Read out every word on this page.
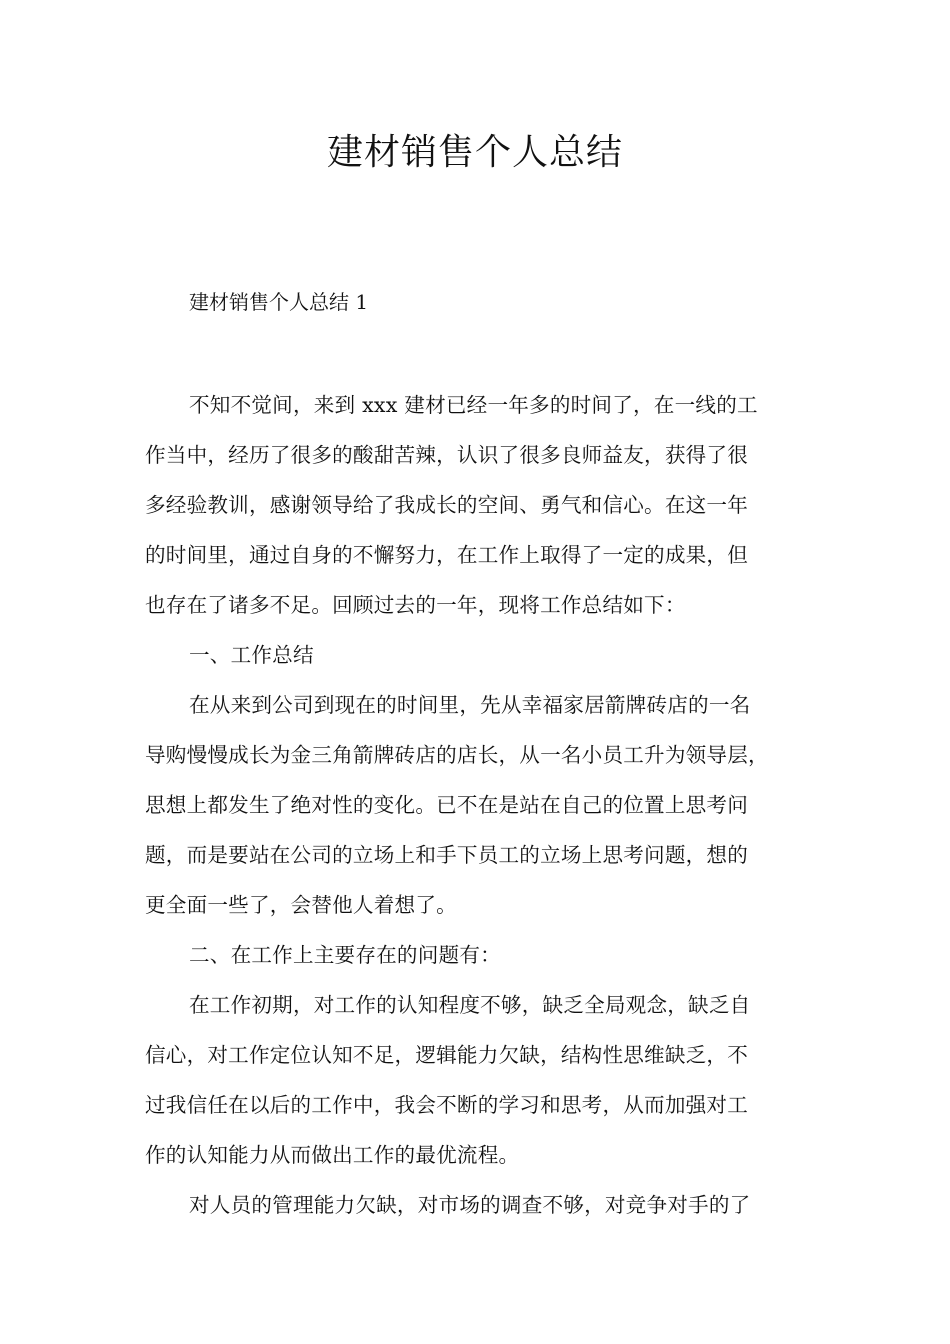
建材销售个人总结
建材销售个人总结 1
不知不觉间，来到 xxx 建材已经一年多的时间了，在一线的工
作当中，经历了很多的酸甜苦辣，认识了很多良师益友，获得了很
多经验教训，感谢领导给了我成长的空间、勇气和信心。在这一年
的时间里，通过自身的不懈努力，在工作上取得了一定的成果，但
也存在了诸多不足。回顾过去的一年，现将工作总结如下：
一、工作总结
在从来到公司到现在的时间里，先从幸福家居箭牌砖店的一名
导购慢慢成长为金三角箭牌砖店的店长，从一名小员工升为领导层，
思想上都发生了绝对性的变化。已不在是站在自己的位置上思考问
题，而是要站在公司的立场上和手下员工的立场上思考问题，想的
更全面一些了，会替他人着想了。
二、在工作上主要存在的问题有：
在工作初期，对工作的认知程度不够，缺乏全局观念，缺乏自
信心，对工作定位认知不足，逻辑能力欠缺，结构性思维缺乏，不
过我信任在以后的工作中，我会不断的学习和思考，从而加强对工
作的认知能力从而做出工作的最优流程。
对人员的管理能力欠缺，对市场的调查不够，对竞争对手的了
